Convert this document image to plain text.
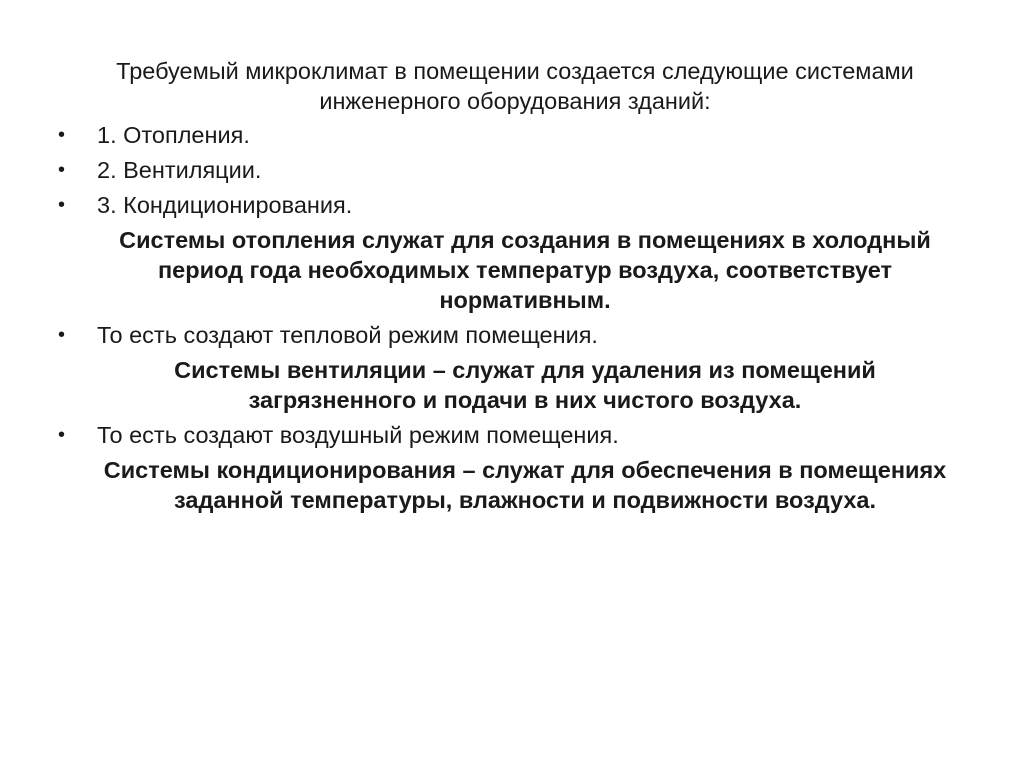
Требуемый микроклимат в помещении создается следующие системами инженерного оборудования зданий:

• 1. Отопления.

• 2. Вентиляции.

• 3. Кондиционирования.

Системы отопления служат для создания в помещениях в холодный период года необходимых температур воздуха, соответствует нормативным.

• То есть создают тепловой режим помещения.

Системы вентиляции – служат для удаления из помещений загрязненного и подачи в них чистого воздуха.

• То есть создают воздушный режим помещения.

Системы кондиционирования – служат для обеспечения в помещениях заданной температуры, влажности и подвижности воздуха.
